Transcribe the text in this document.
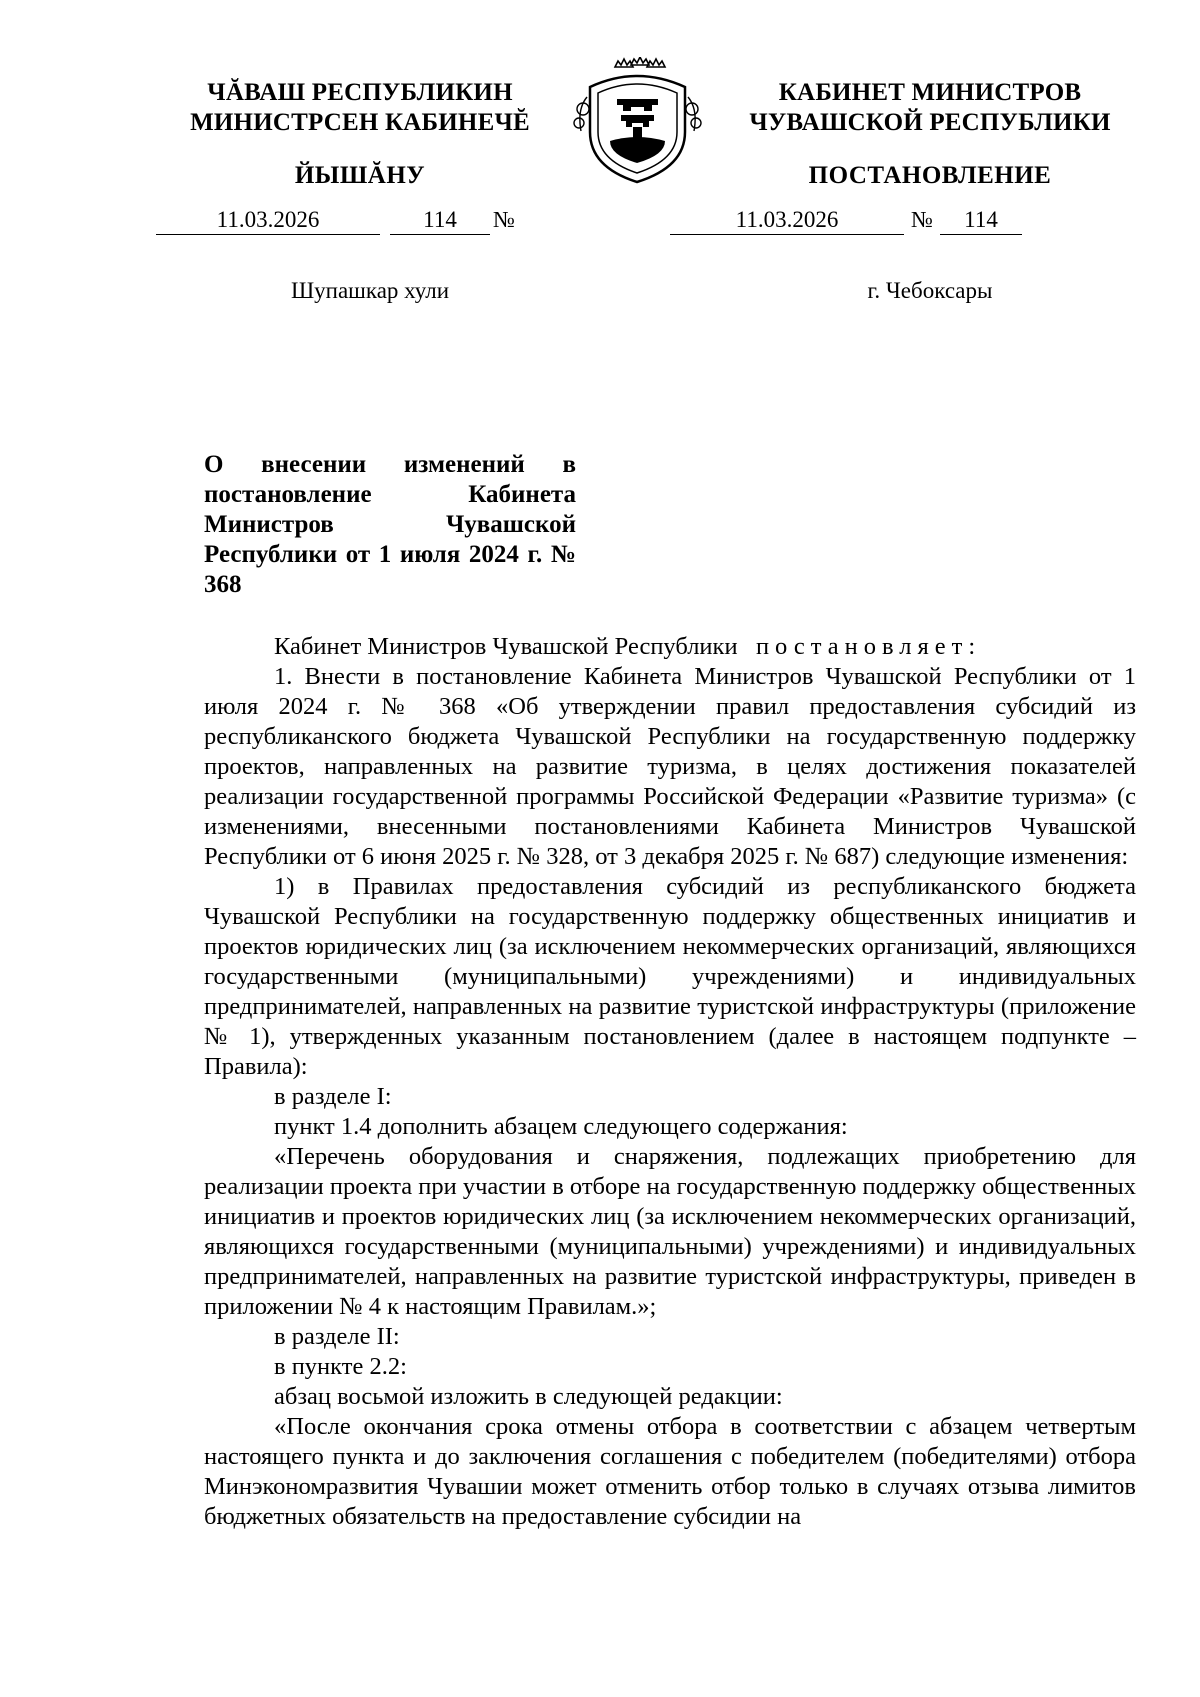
ЧĂВАШ РЕСПУБЛИКИН
МИНИСТРСЕН КАБИНЕЧĔ
ЙЫШĂНУ
КАБИНЕТ МИНИСТРОВ
ЧУВАШСКОЙ РЕСПУБЛИКИ
ПОСТАНОВЛЕНИЕ
11.03.2026	114	№	11.03.2026	№	114
Шупашкар хули	г. Чебоксары
О внесении изменений в постановление Кабинета Министров Чувашской Республики от 1 июля 2024 г. № 368

Кабинет Министров Чувашской Республики постановляет:

1. Внести в постановление Кабинета Министров Чувашской Республики от 1 июля 2024 г. № 368 «Об утверждении правил предоставления субсидий из республиканского бюджета Чувашской Республики на государственную поддержку проектов, направленных на развитие туризма, в целях достижения показателей реализации государственной программы Российской Федерации «Развитие туризма» (с изменениями, внесенными постановлениями Кабинета Министров Чувашской Республики от 6 июня 2025 г. № 328, от 3 декабря 2025 г. № 687) следующие изменения:

1) в Правилах предоставления субсидий из республиканского бюджета Чувашской Республики на государственную поддержку общественных инициатив и проектов юридических лиц (за исключением некоммерческих организаций, являющихся государственными (муниципальными) учреждениями) и индивидуальных предпринимателей, направленных на развитие туристской инфраструктуры (приложение № 1), утвержденных указанным постановлением (далее в настоящем подпункте – Правила):

в разделе I:

пункт 1.4 дополнить абзацем следующего содержания:

«Перечень оборудования и снаряжения, подлежащих приобретению для реализации проекта при участии в отборе на государственную поддержку общественных инициатив и проектов юридических лиц (за исключением некоммерческих организаций, являющихся государственными (муниципальными) учреждениями) и индивидуальных предпринимателей, направленных на развитие туристской инфраструктуры, приведен в приложении № 4 к настоящим Правилам.»;

в разделе II:

в пункте 2.2:

абзац восьмой изложить в следующей редакции:

«После окончания срока отмены отбора в соответствии с абзацем четвертым настоящего пункта и до заключения соглашения с победителем (победителями) отбора Минэкономразвития Чувашии может отменить отбор только в случаях отзыва лимитов бюджетных обязательств на предоставление субсидии на
